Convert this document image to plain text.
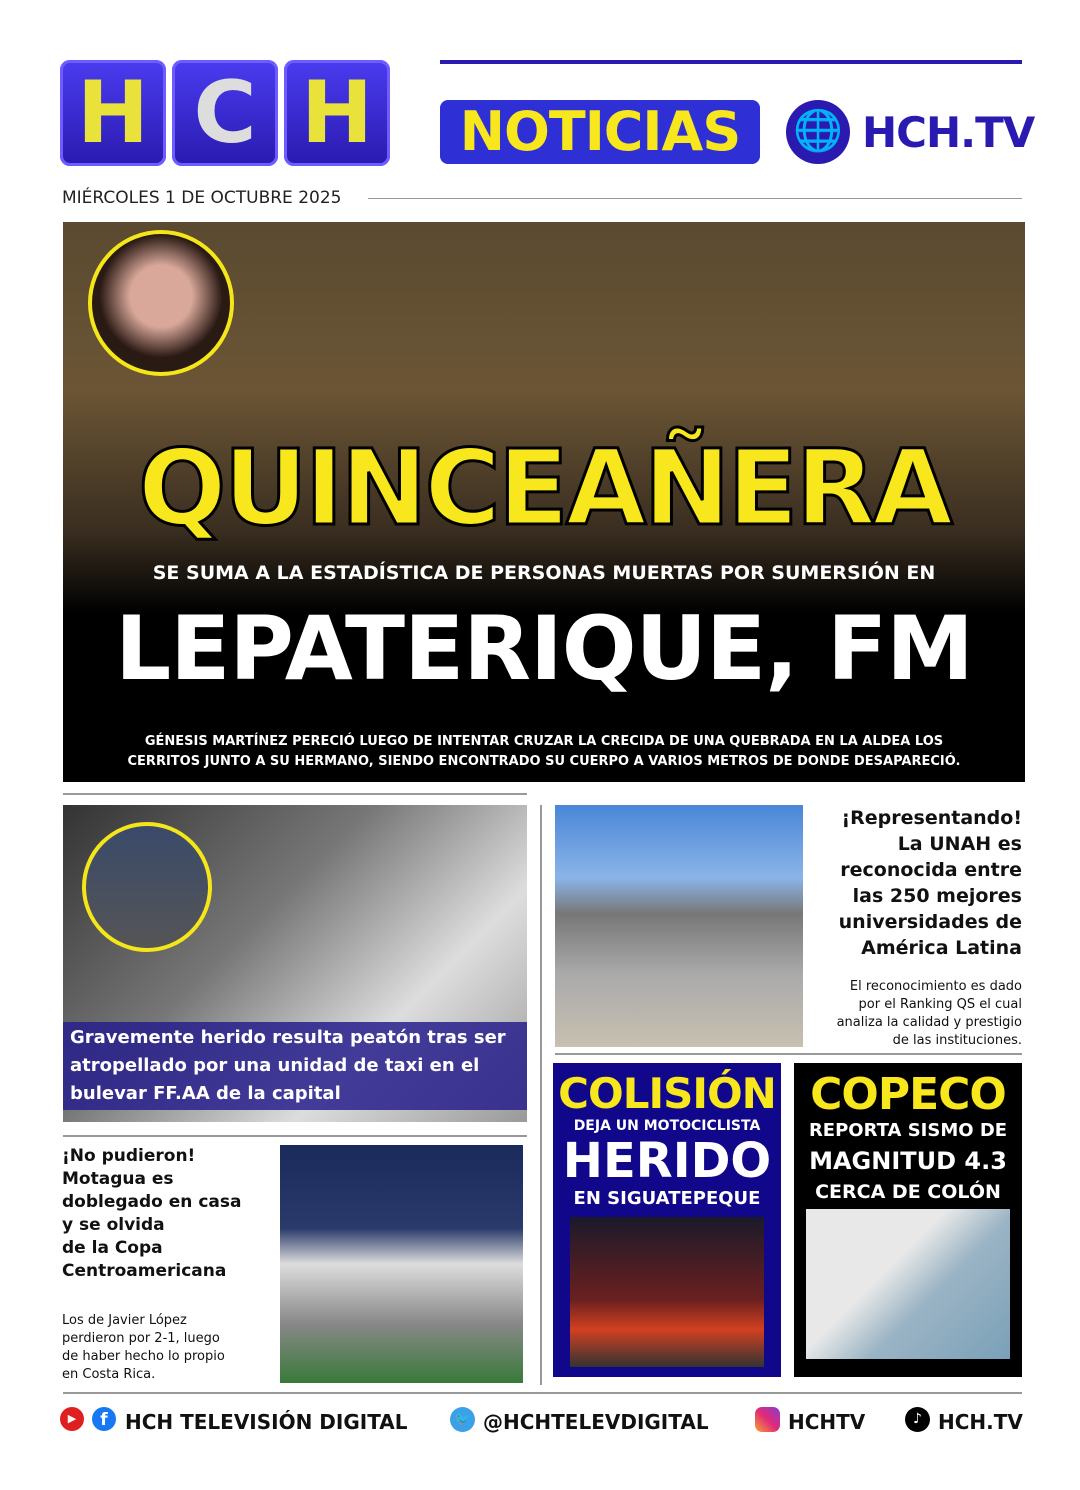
H C H	NOTICIAS	🌐 HCH.TV
MIÉRCOLES 1 DE OCTUBRE 2025
QUINCEAÑERA
SE SUMA A LA ESTADÍSTICA DE PERSONAS MUERTAS POR SUMERSIÓN EN
LEPATERIQUE, FM
GÉNESIS MARTÍNEZ PERECIÓ LUEGO DE INTENTAR CRUZAR LA CRECIDA DE UNA QUEBRADA EN LA ALDEA LOS
CERRITOS JUNTO A SU HERMANO, SIENDO ENCONTRADO SU CUERPO A VARIOS METROS DE DONDE DESAPARECIÓ.
Gravemente herido resulta peatón tras ser atropellado por una unidad de taxi en el bulevar FF.AA de la capital
¡Representando!
La UNAH es
reconocida entre
las 250 mejores
universidades de
América Latina
El reconocimiento es dado
por el Ranking QS el cual
analiza la calidad y prestigio
de las instituciones.
COLISIÓN
DEJA UN MOTOCICLISTA
HERIDO
EN SIGUATEPEQUE
COPECO
REPORTA SISMO DE
MAGNITUD 4.3
CERCA DE COLÓN
¡No pudieron!
Motagua es
doblegado en casa
y se olvida
de la Copa
Centroamericana
Los de Javier López
perdieron por 2-1, luego
de haber hecho lo propio
en Costa Rica.
▶	f HCH TELEVISIÓN DIGITAL	🐦 @HCHTELEVDIGITAL	HCHTV	♪ HCH.TV
